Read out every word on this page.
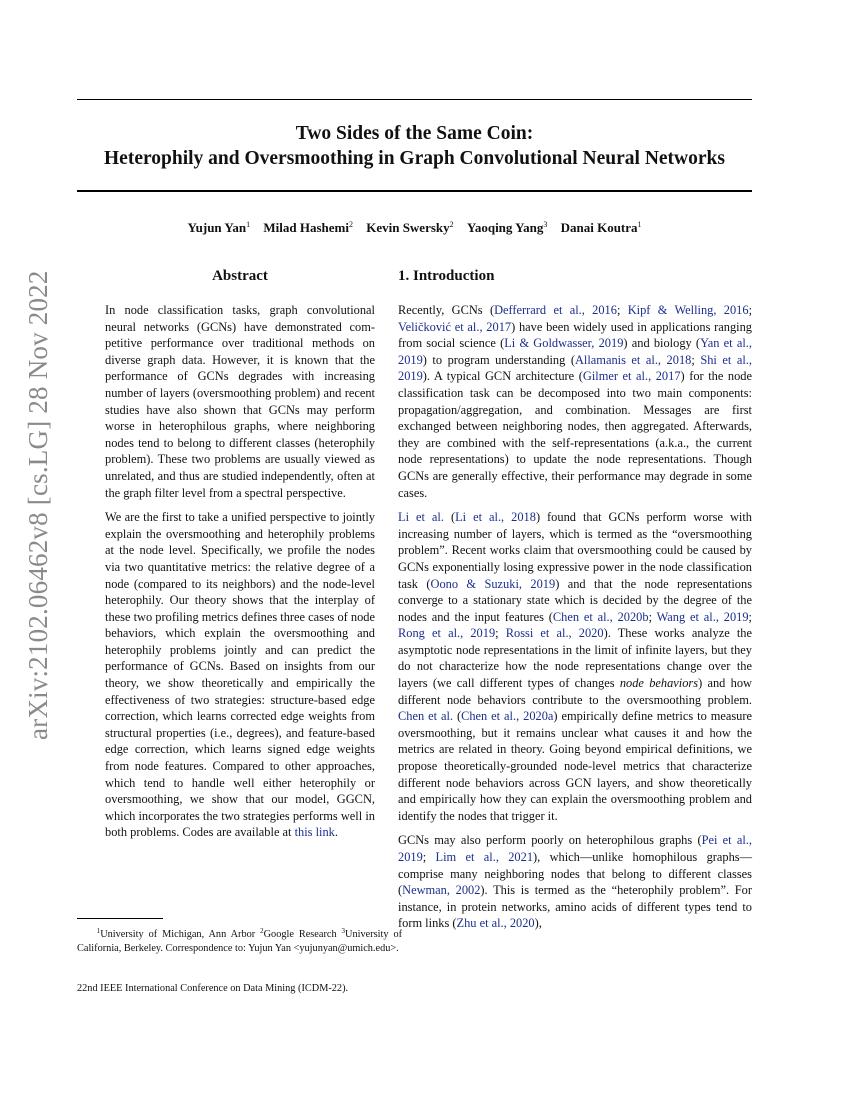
Two Sides of the Same Coin:
Heterophily and Oversmoothing in Graph Convolutional Neural Networks
Yujun Yan$^1$ Milad Hashemi$^2$ Kevin Swersky$^2$ Yaoqing Yang$^3$ Danai Koutra$^1$
arXiv:2102.06462v8 [cs.LG] 28 Nov 2022	Abstract

In node classification tasks, graph convolutional neural networks (GCNs) have demonstrated competitive performance over traditional methods on diverse graph data. However, it is known that the performance of GCNs degrades with increasing number of layers (oversmoothing problem) and recent studies have also shown that GCNs may perform worse in heterophilous graphs, where neighboring nodes tend to belong to different classes (heterophily problem). These two problems are usually viewed as unrelated, and thus are studied independently, often at the graph filter level from a spectral perspective.

We are the first to take a unified perspective to jointly explain the oversmoothing and heterophily problems at the node level. Specifically, we profile the nodes via two quantitative metrics: the relative degree of a node (compared to its neighbors) and the node-level heterophily. Our theory shows that the interplay of these two profiling metrics defines three cases of node behaviors, which explain the oversmoothing and heterophily problems jointly and can predict the performance of GCNs. Based on insights from our theory, we show theoretically and empirically the effectiveness of two strategies: structure-based edge correction, which learns corrected edge weights from structural properties (i.e., degrees), and feature-based edge correction, which learns signed edge weights from node features. Compared to other approaches, which tend to handle well either heterophily or oversmoothing, we show that our model, GGCN, which incorporates the two strategies performs well in both problems. Codes are available at this link.

$^1$University of Michigan, Ann Arbor $^2$Google Research $^3$University of California, Berkeley. Correspondence to: Yujun Yan <yujunyan@umich.edu>.
22nd IEEE International Conference on Data Mining (ICDM-22).
1. Introduction

Recently, GCNs (Defferrard et al., 2016; Kipf & Welling, 2016; Veličković et al., 2017) have been widely used in applications ranging from social science (Li & Goldwasser, 2019) and biology (Yan et al., 2019) to program understanding (Allamanis et al., 2018; Shi et al., 2019). A typical GCN architecture (Gilmer et al., 2017) for the node classification task can be decomposed into two main components: propagation/aggregation, and combination. Messages are first exchanged between neighboring nodes, then aggregated. Afterwards, they are combined with the self-representations (a.k.a., the current node representations) to update the node representations. Though GCNs are generally effective, their performance may degrade in some cases.

Li et al. (Li et al., 2018) found that GCNs perform worse with increasing number of layers, which is termed as the “oversmoothing problem”. Recent works claim that oversmoothing could be caused by GCNs exponentially losing expressive power in the node classification task (Oono & Suzuki, 2019) and that the node representations converge to a stationary state which is decided by the degree of the nodes and the input features (Chen et al., 2020b; Wang et al., 2019; Rong et al., 2019; Rossi et al., 2020). These works analyze the asymptotic node representations in the limit of infinite layers, but they do not characterize how the node representations change over the layers (we call different types of changes node behaviors) and how different node behaviors contribute to the oversmoothing problem. Chen et al. (Chen et al., 2020a) empirically define metrics to measure oversmoothing, but it remains unclear what causes it and how the metrics are related in theory. Going beyond empirical definitions, we propose theoretically-grounded node-level metrics that characterize different node behaviors across GCN layers, and show theoretically and empirically how they can explain the oversmoothing problem and identify the nodes that trigger it.

GCNs may also perform poorly on heterophilous graphs (Pei et al., 2019; Lim et al., 2021), which—unlike homophilous graphs—comprise many neighboring nodes that belong to different classes (Newman, 2002). This is termed as the “heterophily problem”. For instance, in protein networks, amino acids of different types tend to form links (Zhu et al., 2020),
